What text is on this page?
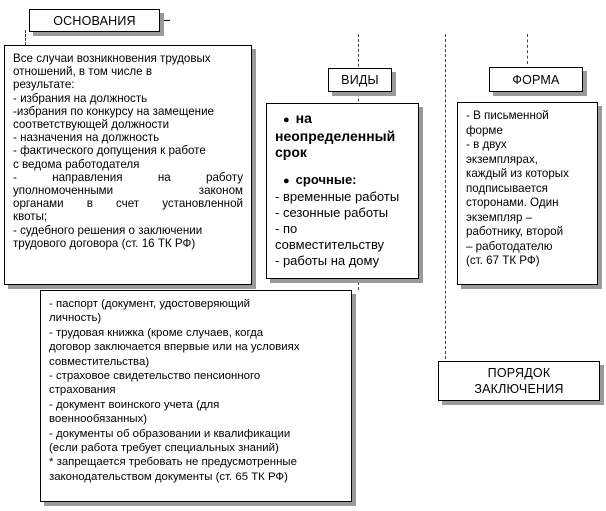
ОСНОВАНИЯ
ВИДЫ	ФОРМА
ПОРЯДОК
ЗАКЛЮЧЕНИЯ
Все случаи возникновения трудовых
отношений, в том числе в
результате:
- избрания на должность
-избрания по конкурсу на замещение
соответствующей должности
- назначения на должность
- фактического допущения к работе
с ведома работодателя
- направления на работу
уполномоченными законом
органами в счет установленной
квоты;
- судебного решения о заключении
трудового договора (ст. 16 ТК РФ)
● на
неопределенный
срок
● срочные:
- временные работы
- сезонные работы
- по
совместительству
- работы на дому
- В письменной
форме
- в двух
экземплярах,
каждый из которых
подписывается
сторонами. Один
экземпляр –
работнику, второй
– работодателю
(ст. 67 ТК РФ)
- паспорт (документ, удостоверяющий
личность)
- трудовая книжка (кроме случаев, когда
договор заключается впервые или на условиях
совместительства)
- страховое свидетельство пенсионного
страхования
- документ воинского учета (для
военнообязанных)
- документы об образовании и квалификации
(если работа требует специальных знаний)
* запрещается требовать не предусмотренные
законодательством документы (ст. 65 ТК РФ)
